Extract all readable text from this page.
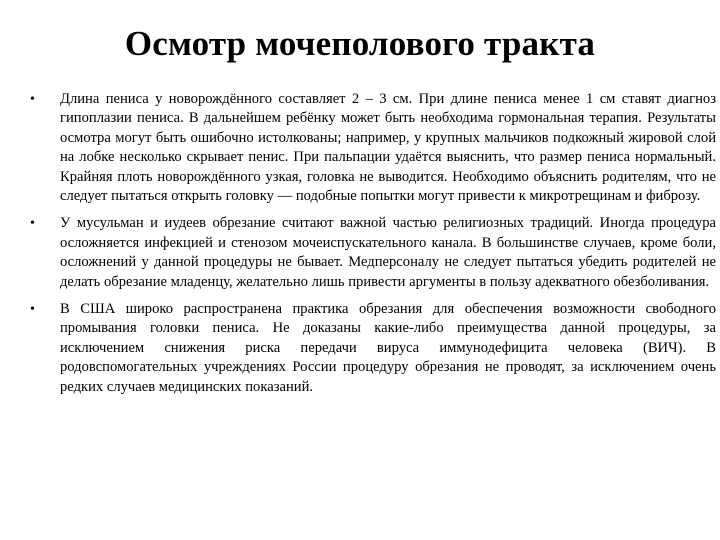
Осмотр мочеполового тракта
• Длина пениса у новорождённого составляет 2 – 3 см. При длине пениса менее 1 см ставят диагноз гипоплазии пениса. В дальнейшем ребёнку может быть необходима гормональная терапия. Результаты осмотра могут быть ошибочно истолкованы; например, у крупных мальчиков подкожный жировой слой на лобке несколько скрывает пенис. При пальпации удаётся выяснить, что размер пениса нормальный. Крайняя плоть новорождённого узкая, головка не выводится. Необходимо объяснить родителям, что не следует пытаться открыть головку — подобные попытки могут привести к микротрещинам и фиброзу.
• У мусульман и иудеев обрезание считают важной частью религиозных традиций. Иногда процедура осложняется инфекцией и стенозом мочеиспускательного канала. В большинстве случаев, кроме боли, осложнений у данной процедуры не бывает. Медперсоналу не следует пытаться убедить родителей не делать обрезание младенцу, желательно лишь привести аргументы в пользу адекватного обезболивания.
• В США широко распространена практика обрезания для обеспечения возможности свободного промывания головки пениса. Не доказаны какие-либо преимущества данной процедуры, за исключением снижения риска передачи вируса иммунодефицита человека (ВИЧ). В родовспомогательных учреждениях России процедуру обрезания не проводят, за исключением очень редких случаев медицинских показаний.
